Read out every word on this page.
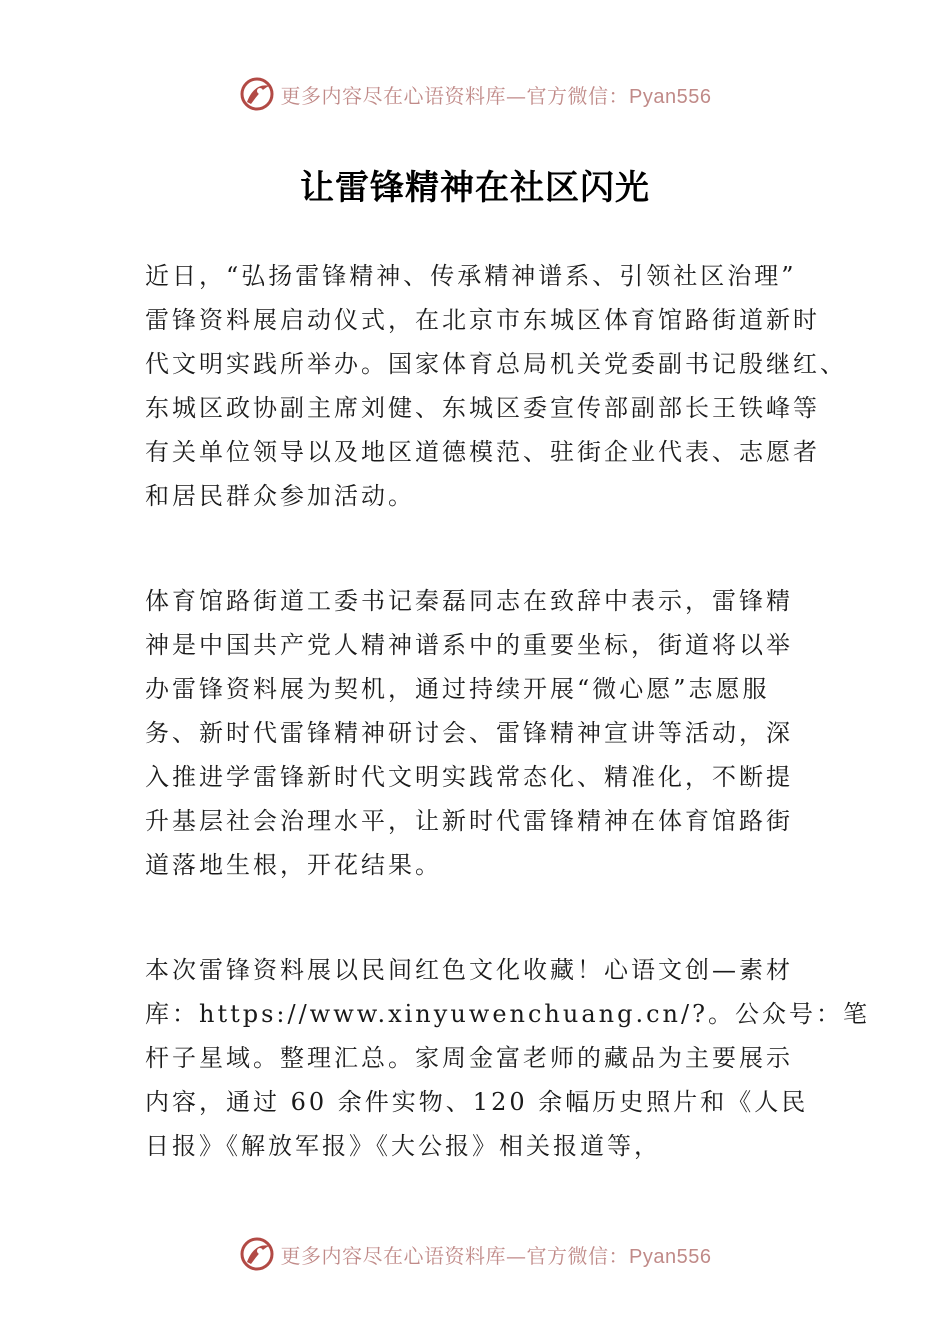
更多内容尽在心语资料库—官方微信：Pyan556
让雷锋精神在社区闪光

近日，“弘扬雷锋精神、传承精神谱系、引领社区治理”
雷锋资料展启动仪式，在北京市东城区体育馆路街道新时
代文明实践所举办。国家体育总局机关党委副书记殷继红、
东城区政协副主席刘健、东城区委宣传部副部长王铁峰等
有关单位领导以及地区道德模范、驻街企业代表、志愿者
和居民群众参加活动。

体育馆路街道工委书记秦磊同志在致辞中表示，雷锋精
神是中国共产党人精神谱系中的重要坐标，街道将以举
办雷锋资料展为契机，通过持续开展“微心愿”志愿服
务、新时代雷锋精神研讨会、雷锋精神宣讲等活动，深
入推进学雷锋新时代文明实践常态化、精准化，不断提
升基层社会治理水平，让新时代雷锋精神在体育馆路街
道落地生根，开花结果。

本次雷锋资料展以民间红色文化收藏！心语文创—素材
库：https://www.xinyuwenchuang.cn/?。公众号：笔
杆子星域。整理汇总。家周金富老师的藏品为主要展示
内容，通过 60 余件实物、120 余幅历史照片和《人民
日报》《解放军报》《大公报》相关报道等，

更多内容尽在心语资料库—官方微信：Pyan556
